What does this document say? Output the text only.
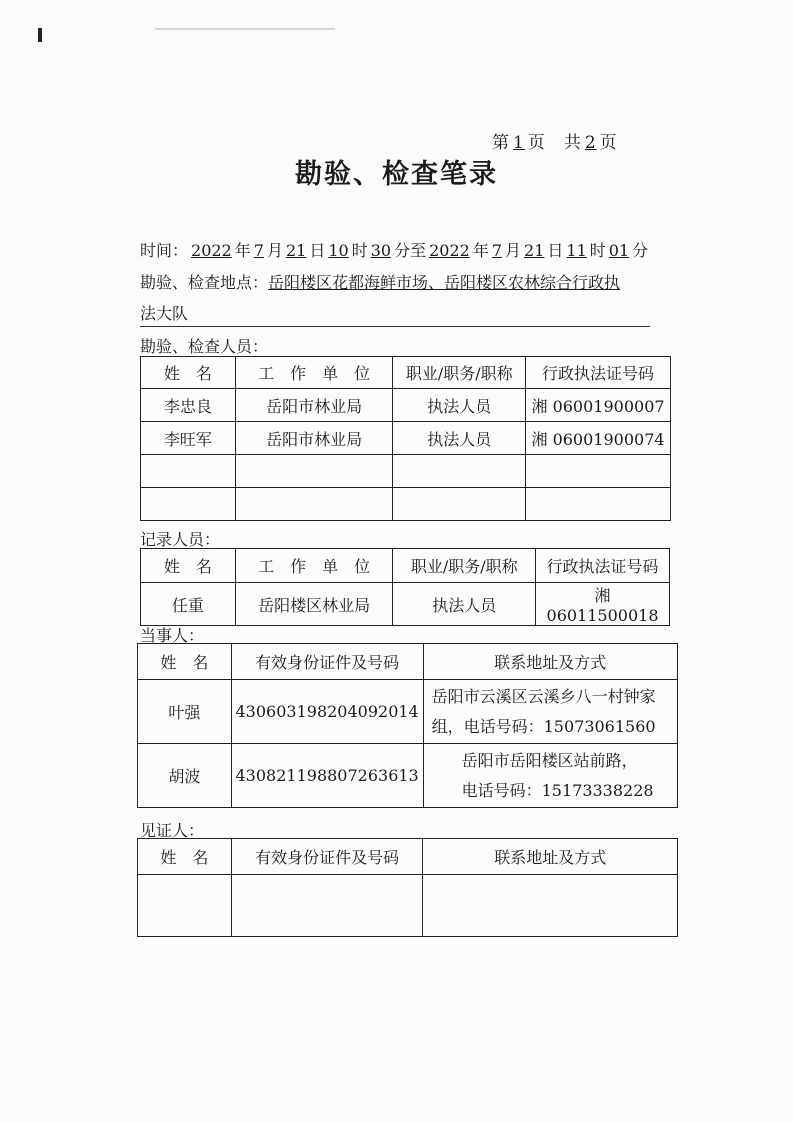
第 1 页　共 2 页
勘验、检查笔录
时间： 2022 年 7 月 21 日 10 时 30 分至 2022 年 7 月 21 日 11 时 01 分
勘验、检查地点：岳阳楼区花都海鲜市场、岳阳楼区农林综合行政执
法大队
勘验、检查人员：
姓　名	工　作　单　位	职业/职务/职称	行政执法证号码
李忠良	岳阳市林业局	执法人员	湘 06001900007
李旺军	岳阳市林业局	执法人员	湘 06001900074

记录人员：
姓　名	工　作　单　位	职业/职务/职称	行政执法证号码
任重	岳阳楼区林业局	执法人员	湘 06011500018
当事人：
姓　名	有效身份证件及号码	联系地址及方式
叶强	430603198204092014	岳阳市云溪区云溪乡八一村钟家
组，电话号码：15073061560

胡波	430821198807263613	岳阳市岳阳楼区站前路，
电话号码：15173338228
见证人：
姓　名	有效身份证件及号码	联系地址及方式
